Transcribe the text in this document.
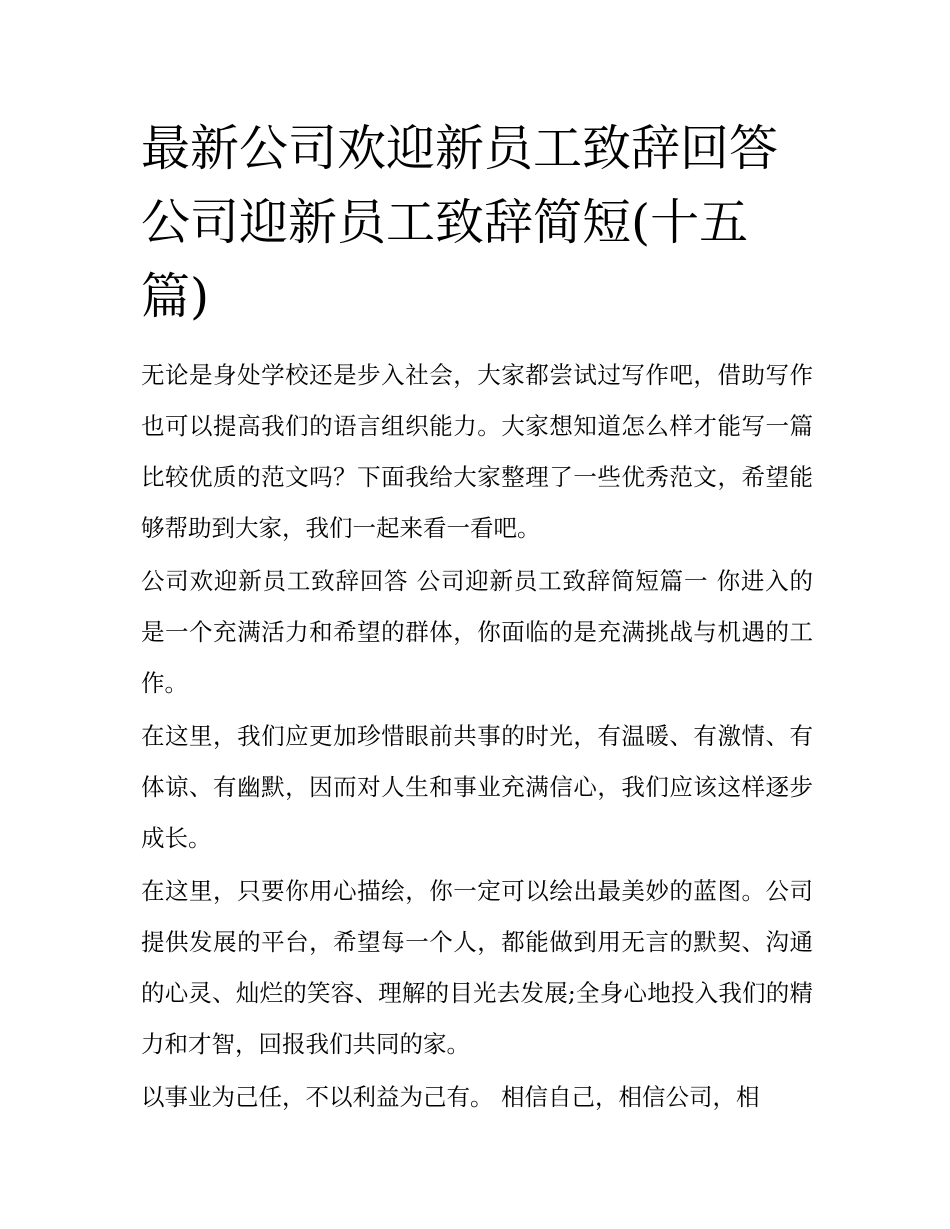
最新公司欢迎新员工致辞回答 公司迎新员工致辞简短(十五篇)

无论是身处学校还是步入社会，大家都尝试过写作吧，借助写作也可以提高我们的语言组织能力。大家想知道怎么样才能写一篇比较优质的范文吗？下面我给大家整理了一些优秀范文，希望能够帮助到大家，我们一起来看一看吧。

公司欢迎新员工致辞回答 公司迎新员工致辞简短篇一 你进入的是一个充满活力和希望的群体，你面临的是充满挑战与机遇的工作。

在这里，我们应更加珍惜眼前共事的时光，有温暖、有激情、有体谅、有幽默，因而对人生和事业充满信心，我们应该这样逐步成长。

在这里，只要你用心描绘，你一定可以绘出最美妙的蓝图。公司提供发展的平台，希望每一个人，都能做到用无言的默契、沟通的心灵、灿烂的笑容、理解的目光去发展;全身心地投入我们的精力和才智，回报我们共同的家。

以事业为己任，不以利益为己有。 相信自己，相信公司，相
